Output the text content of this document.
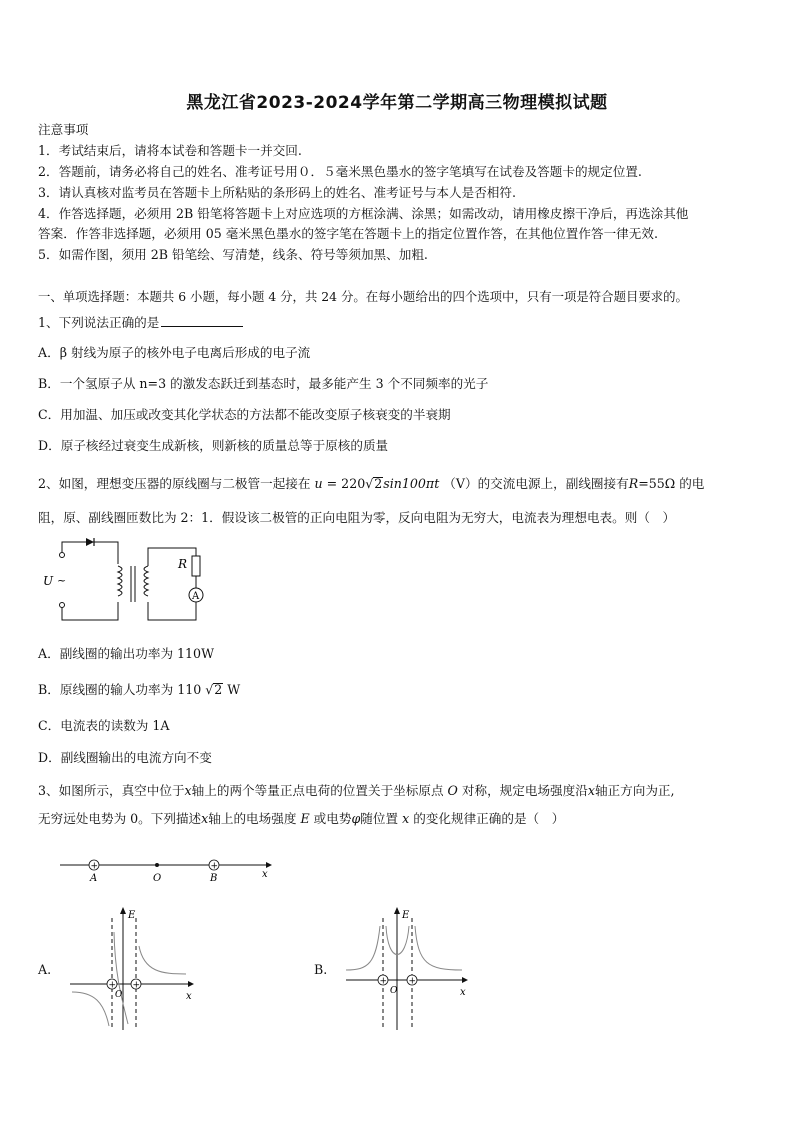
黑龙江省2023-2024学年第二学期高三物理模拟试题
注意事项
1．考试结束后，请将本试卷和答题卡一并交回.
2．答题前，请务必将自己的姓名、准考证号用０．５毫米黑色墨水的签字笔填写在试卷及答题卡的规定位置.
3．请认真核对监考员在答题卡上所粘贴的条形码上的姓名、准考证号与本人是否相符.
4．作答选择题，必须用 2B 铅笔将答题卡上对应选项的方框涂满、涂黑；如需改动，请用橡皮擦干净后，再选涂其他
答案．作答非选择题，必须用 05 毫米黑色墨水的签字笔在答题卡上的指定位置作答，在其他位置作答一律无效.
5．如需作图，须用 2B 铅笔绘、写清楚，线条、符号等须加黑、加粗.
一、单项选择题：本题共 6 小题，每小题 4 分，共 24 分。在每小题给出的四个选项中，只有一项是符合题目要求的。
1、下列说法正确的是
A．β 射线为原子的核外电子电离后形成的电子流
B．一个氢原子从 n=3 的激发态跃迁到基态时，最多能产生 3 个不同频率的光子
C．用加温、加压或改变其化学状态的方法都不能改变原子核衰变的半衰期
D．原子核经过衰变生成新核，则新核的质量总等于原核的质量
2、如图，理想变压器的原线圈与二极管一起接在 u = 220√2sin100πt （V）的交流电源上，副线圈接有R=55Ω 的电
阻，原、副线圈匝数比为 2：1．假设该二极管的正向电阻为零，反向电阻为无穷大，电流表为理想电表。则（　）
U ~
R
A
A．副线圈的输出功率为 110W
B．原线圈的输人功率为 110 √2 W
C．电流表的读数为 1A
D．副线圈输出的电流方向不变
3、如图所示，真空中位于x轴上的两个等量正点电荷的位置关于坐标原点 O 对称，规定电场强度沿x轴正方向为正,
无穷远处电势为 0。下列描述x轴上的电场强度 E 或电势φ随位置 x 的变化规律正确的是（　）
+	+
A	O	B	x
A.
+ +
E
x
O
B.
+ +
E
x
O
